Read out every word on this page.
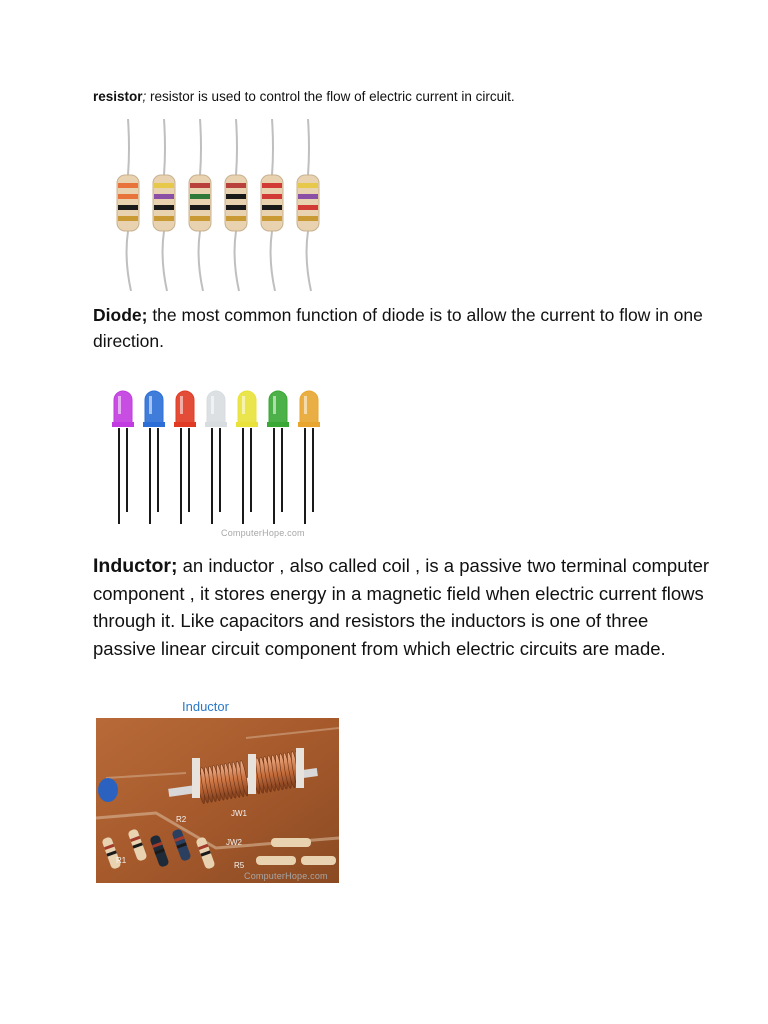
resistor; resistor is used to control the flow of electric current in circuit.

Diode; the most common function of diode is to allow the current to flow in one direction.

ComputerHope.com

Inductor; an inductor , also called coil , is a passive two terminal computer component , it stores energy in a magnetic field when electric current flows through it. Like capacitors and resistors the inductors is one of three passive linear circuit component from which electric circuits are made.

Inductor
JW1
JW2
R1
R2
R5
ComputerHope.com
